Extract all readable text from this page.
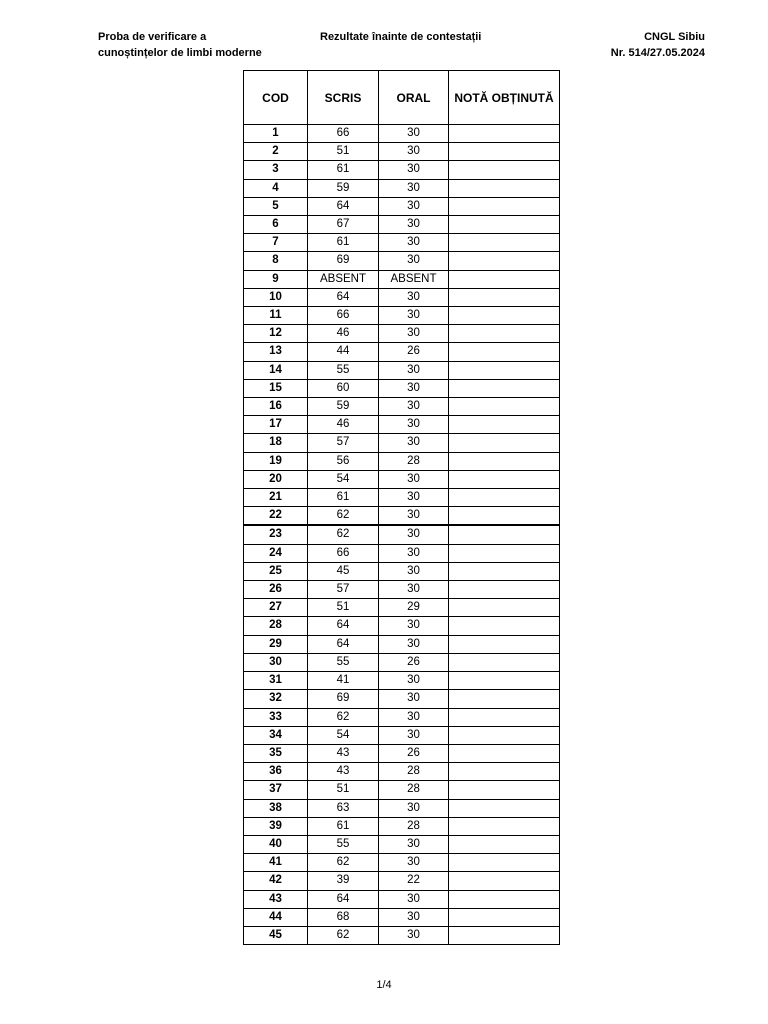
Proba de verificare a
cunoștințelor de limbi moderne
Rezultate înainte de contestații	CNGL Sibiu
Nr. 514/27.05.2024
COD	SCRIS	ORAL	NOTĂ OBȚINUTĂ
1	66	30	
2	51	30	
3	61	30	
4	59	30	
5	64	30	
6	67	30	
7	61	30	
8	69	30	
9	ABSENT	ABSENT	
10	64	30	
11	66	30	
12	46	30	
13	44	26	
14	55	30	
15	60	30	
16	59	30	
17	46	30	
18	57	30	
19	56	28	
20	54	30	
21	61	30	
22	62	30	
23	62	30	
24	66	30	
25	45	30	
26	57	30	
27	51	29	
28	64	30	
29	64	30	
30	55	26	
31	41	30	
32	69	30	
33	62	30	
34	54	30	
35	43	26	
36	43	28	
37	51	28	
38	63	30	
39	61	28	
40	55	30	
41	62	30	
42	39	22	
43	64	30	
44	68	30	
45	62	30	
1/4
